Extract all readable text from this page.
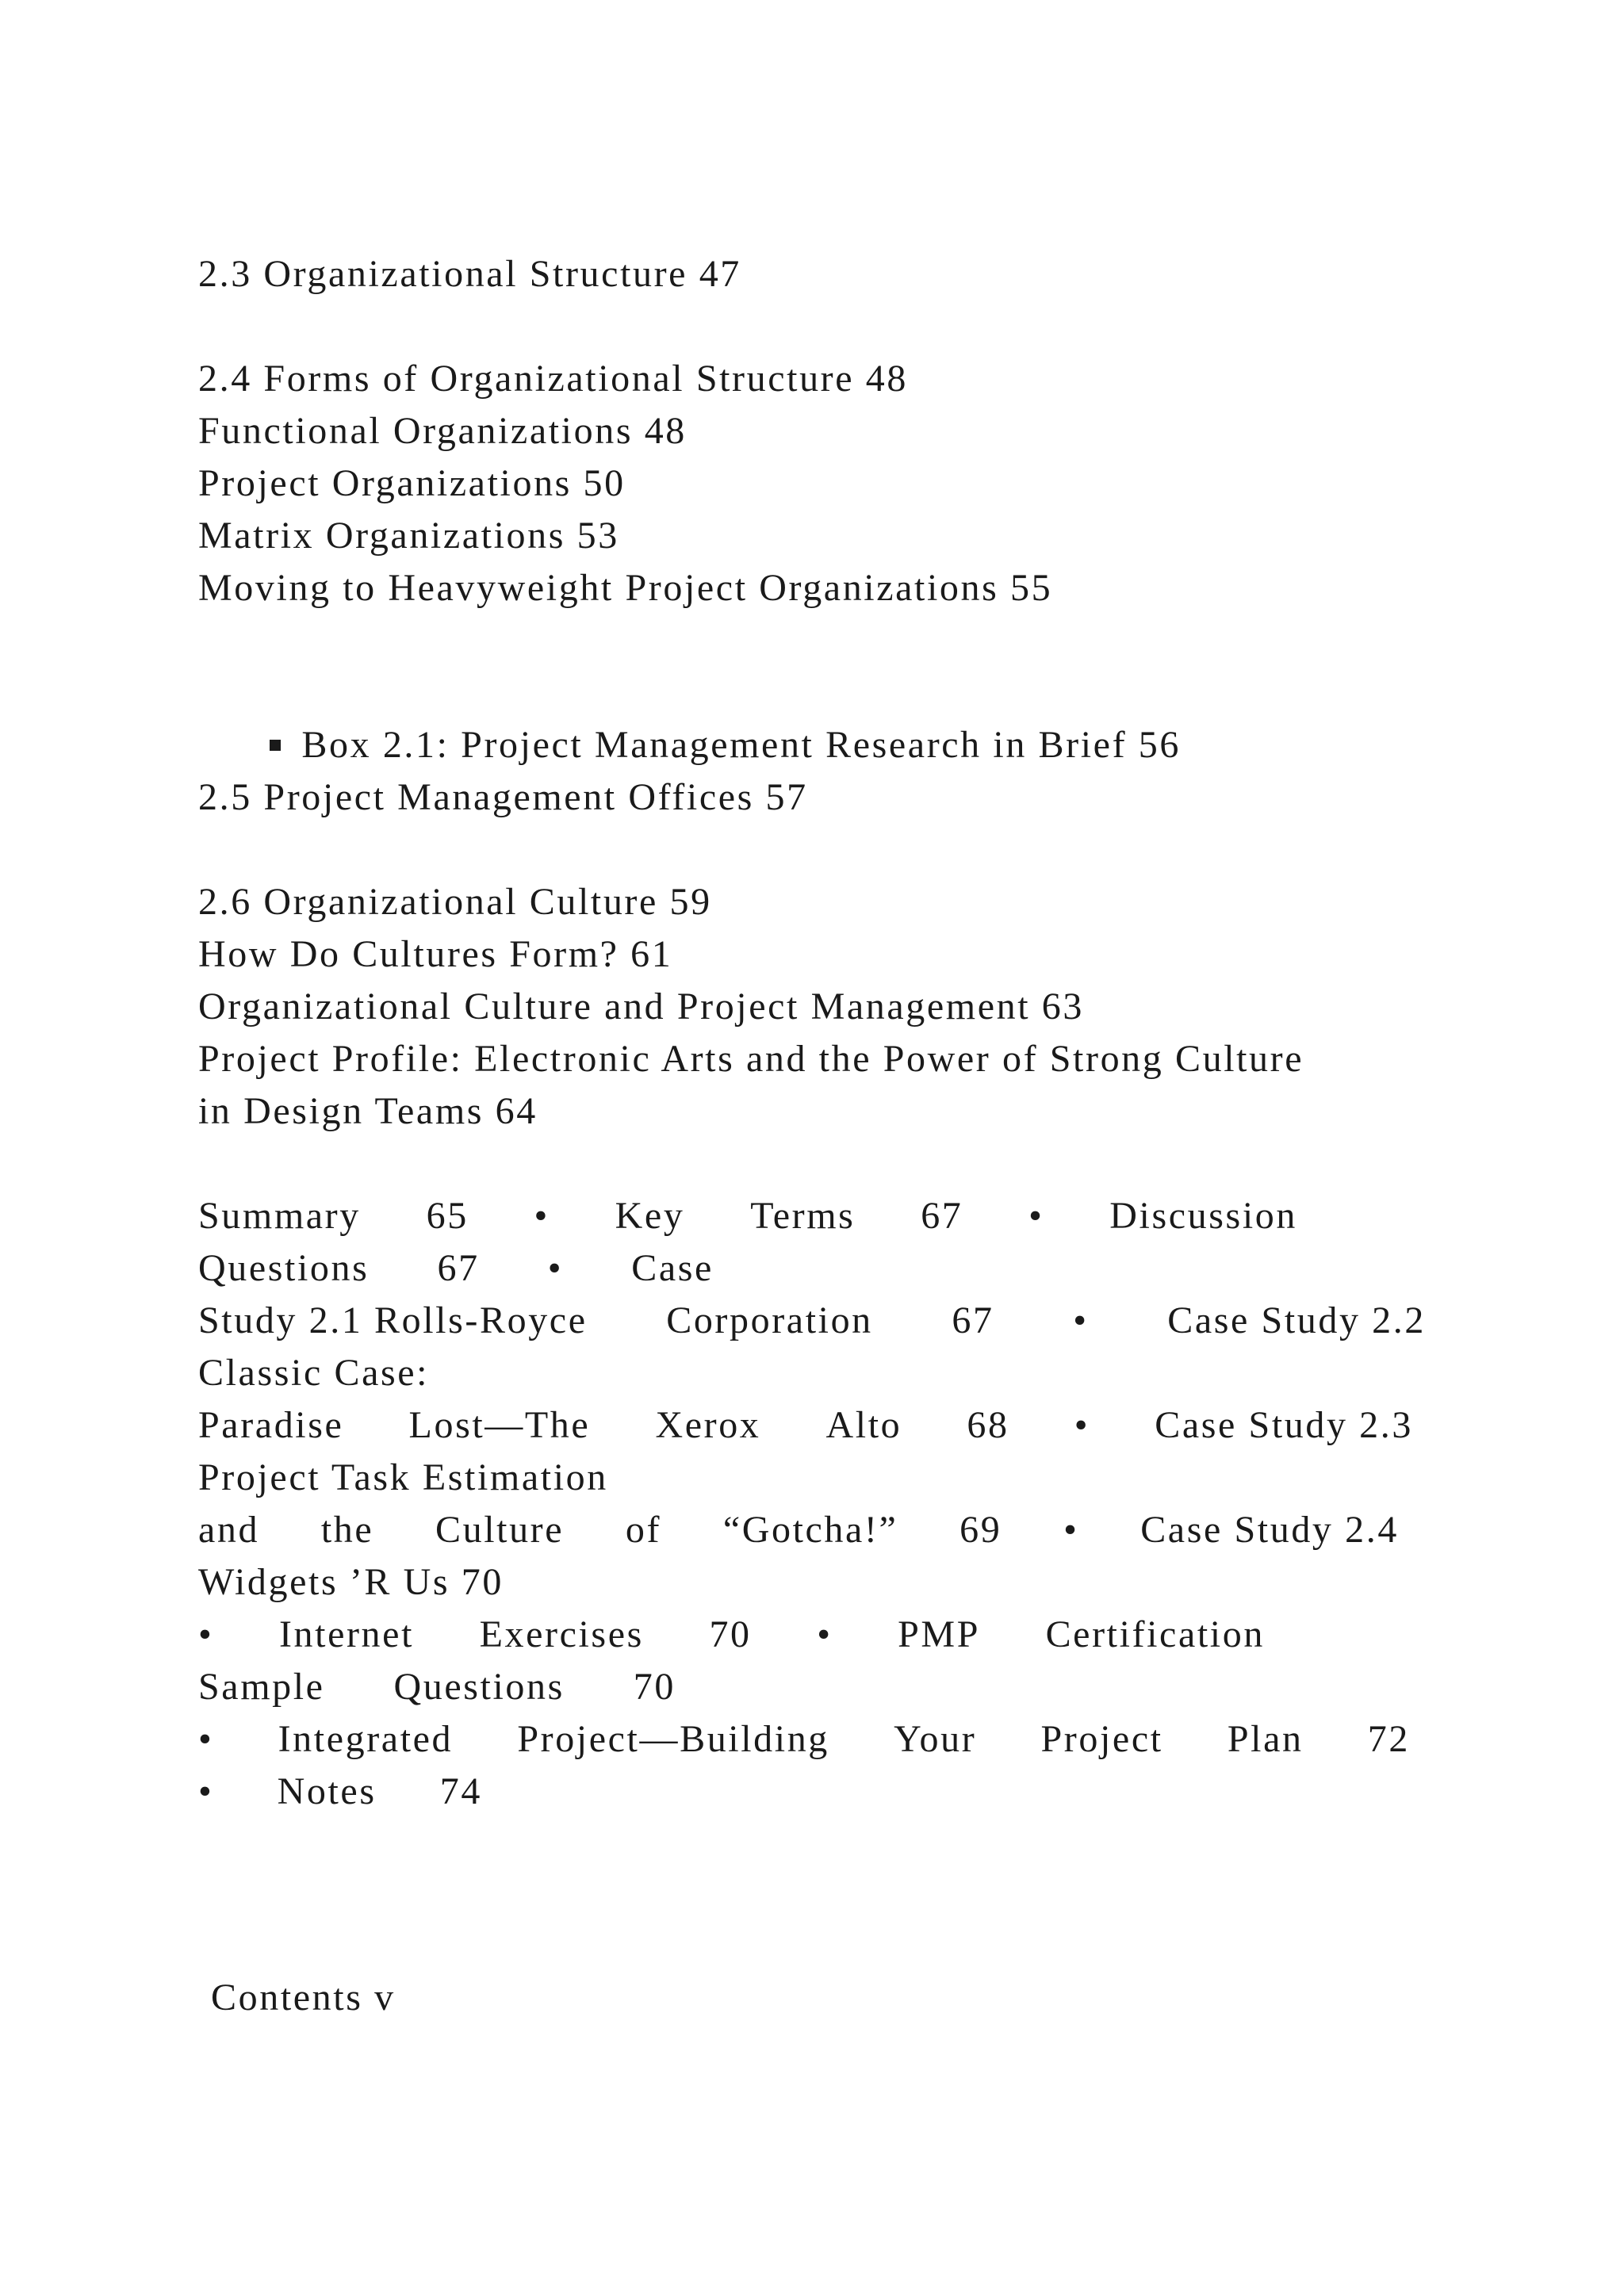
2.3 Organizational Structure 47
2.4 Forms of Organizational Structure 48
Functional Organizations 48
Project Organizations 50
Matrix Organizations 53
Moving to Heavyweight Project Organizations 55

Box 2.1: Project Management Research in Brief 56

2.5 Project Management Offices 57
2.6 Organizational Culture 59
How Do Cultures Form? 61
Organizational Culture and Project Management 63
Project Profile: Electronic Arts and the Power of Strong Culture
in Design Teams 64
Summary 65 • Key Terms 67 • Discussion
Questions 67 • Case
Study 2.1 Rolls-Royce Corporation 67 • Case Study 2.2
Classic Case:
Paradise Lost—The Xerox Alto 68 • Case Study 2.3
Project Task Estimation
and the Culture of “Gotcha!” 69 • Case Study 2.4
Widgets ’R Us 70
• Internet Exercises 70 • PMP Certification
Sample Questions 70
• Integrated Project—Building Your Project Plan 72
• Notes 74
Contents v
